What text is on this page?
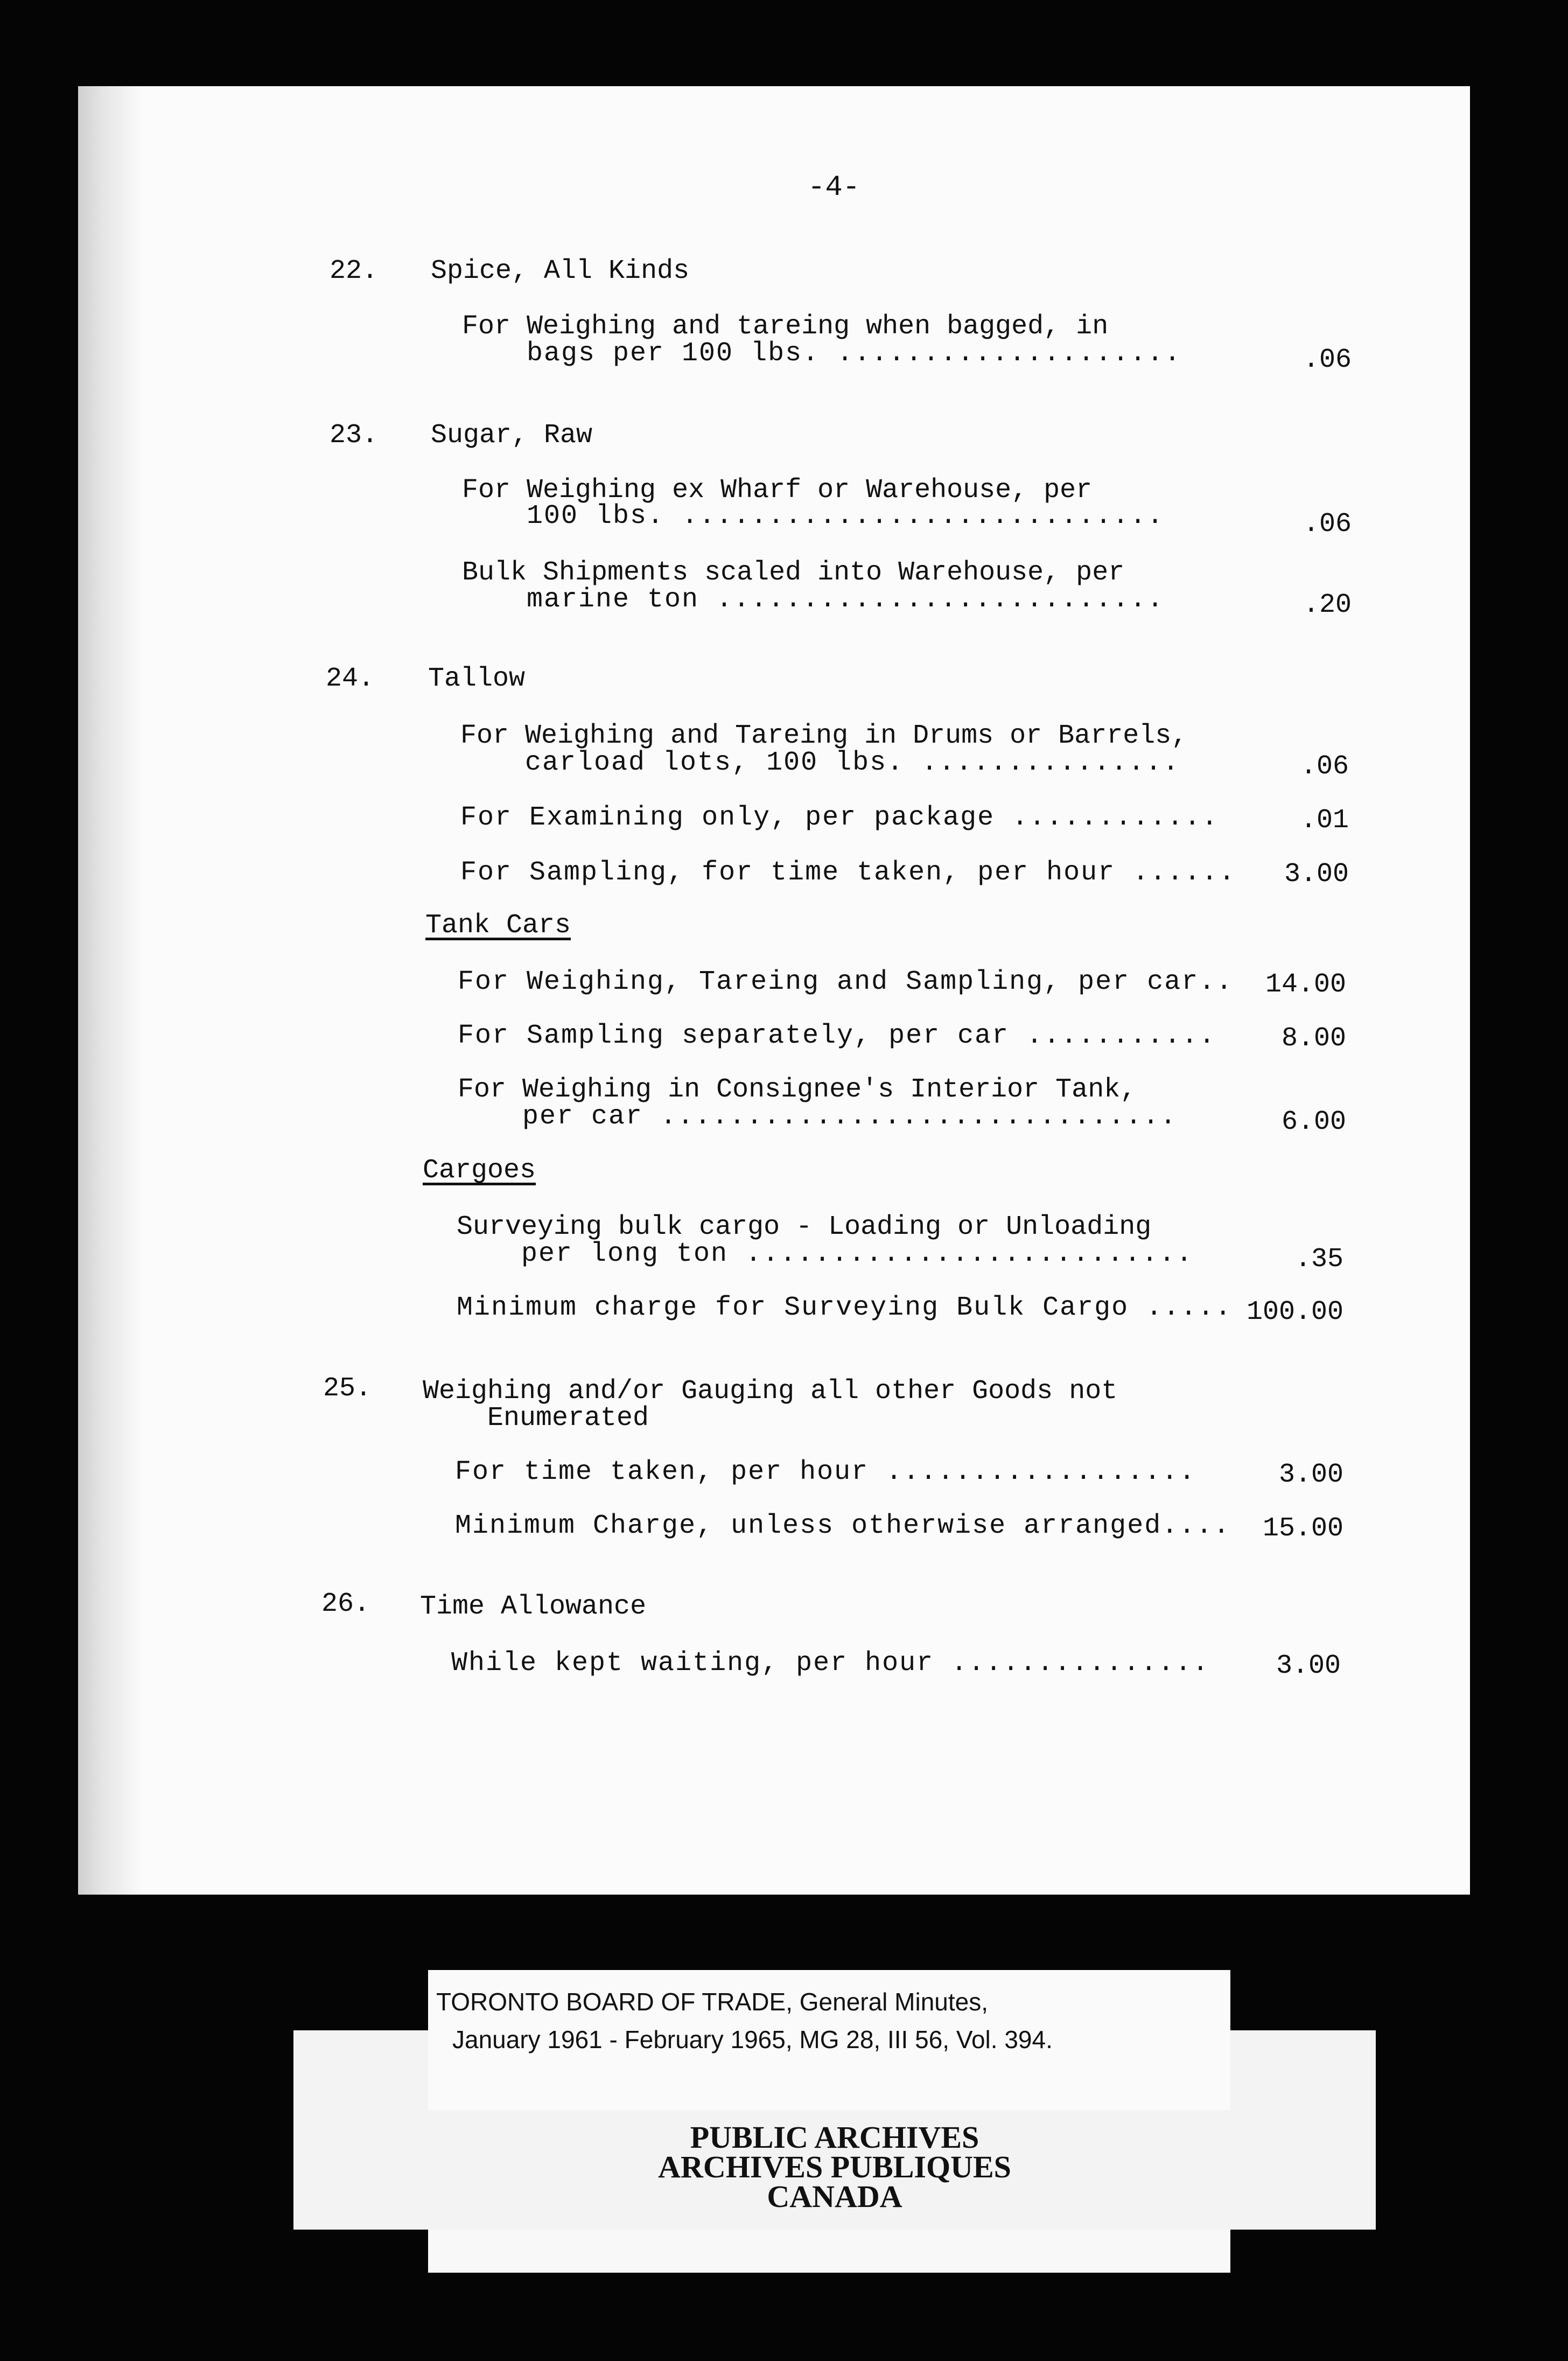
-4-
22.	Spice, All Kinds
For Weighing and tareing when bagged, in
bags per 100 lbs. ....................	.06
23.	Sugar, Raw
For Weighing ex Wharf or Warehouse, per
100 lbs. ............................	.06
Bulk Shipments scaled into Warehouse, per
marine ton ..........................	.20
24.	Tallow
For Weighing and Tareing in Drums or Barrels,
carload lots, 100 lbs. ...............	.06
For Examining only, per package ............	.01
For Sampling, for time taken, per hour ......	3.00
Tank Cars
For Weighing, Tareing and Sampling, per car..	14.00
For Sampling separately, per car ...........	8.00
For Weighing in Consignee's Interior Tank,
per car ..............................	6.00
Cargoes
Surveying bulk cargo - Loading or Unloading
per long ton ..........................	.35
Minimum charge for Surveying Bulk Cargo ..... 100.00
25.	Weighing and/or Gauging all other Goods not
Enumerated
For time taken, per hour ..................	3.00
Minimum Charge, unless otherwise arranged....	15.00
26.	Time Allowance
While kept waiting, per hour ...............	3.00
TORONTO BOARD OF TRADE, General Minutes,
January 1961 - February 1965, MG 28, III 56, Vol. 394.
PUBLIC ARCHIVES
ARCHIVES PUBLIQUES
CANADA
